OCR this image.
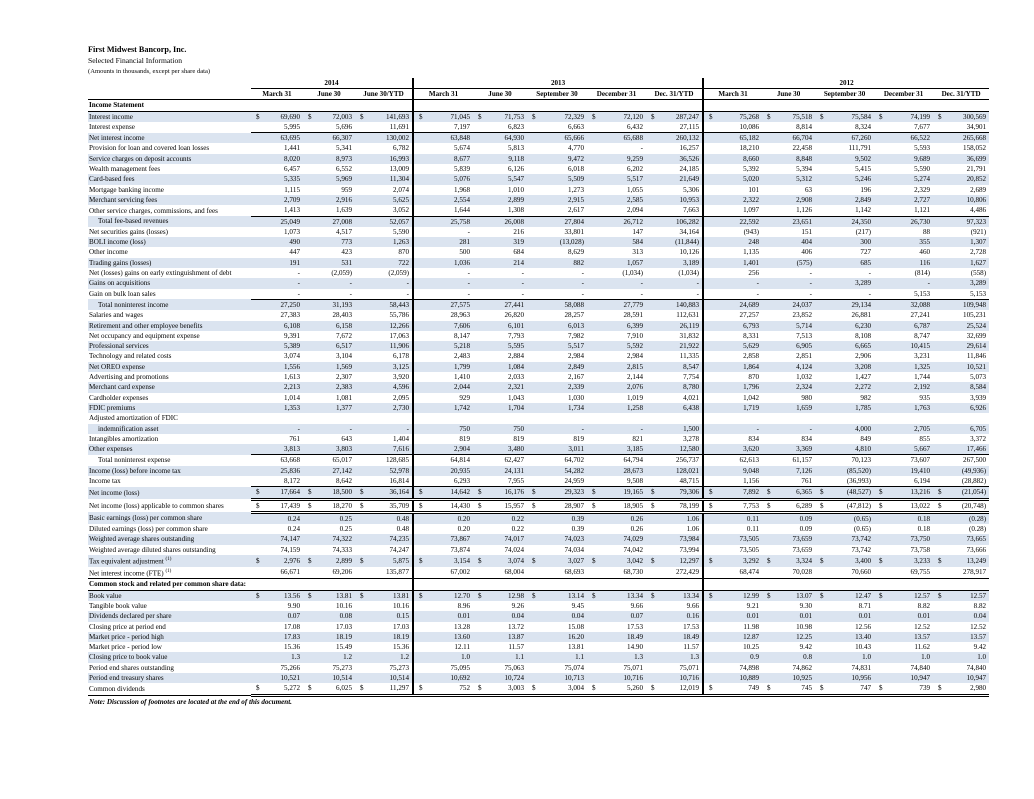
First Midwest Bancorp, Inc.
Selected Financial Information
(Amounts in thousands, except per share data)
	2014			2013					2012				
	March 31	June 30	June 30/YTD	March 31	June 30	September 30	December 31	Dec. 31/YTD	March 31	June 30	September 30	December 31	Dec. 31/YTD
Income Statement													
Interest income	$ 69,690	$ 72,003	$ 141,693	$ 71,045	$ 71,753	$ 72,329	$ 72,120	$ 287,247	$ 75,268	$ 75,518	$ 75,584	$ 74,199	$ 300,569
Interest expense	5,995	5,696	11,691	7,197	6,823	6,663	6,432	27,115	10,086	8,814	8,324	7,677	34,901
Net interest income	63,695	66,307	130,002	63,848	64,930	65,666	65,688	260,132	65,182	66,704	67,260	66,522	265,668
Provision for loan and covered loan losses	1,441	5,341	6,782	5,674	5,813	4,770	-	16,257	18,210	22,458	111,791	5,593	158,052
Service charges on deposit accounts	8,020	8,973	16,993	8,677	9,118	9,472	9,259	36,526	8,660	8,848	9,502	9,689	36,699
Wealth management fees	6,457	6,552	13,009	5,839	6,126	6,018	6,202	24,185	5,392	5,394	5,415	5,590	21,791
Card-based fees	5,335	5,969	11,304	5,076	5,547	5,509	5,517	21,649	5,020	5,312	5,246	5,274	20,852
Mortgage banking income	1,115	959	2,074	1,968	1,010	1,273	1,055	5,306	101	63	196	2,329	2,689
Merchant servicing fees	2,709	2,916	5,625	2,554	2,899	2,915	2,585	10,953	2,322	2,908	2,849	2,727	10,806
Other service charges, commissions, and fees	1,413	1,639	3,052	1,644	1,308	2,617	2,094	7,663	1,097	1,126	1,142	1,121	4,486
Total fee-based revenues	25,049	27,008	52,057	25,758	26,008	27,804	26,712	106,282	22,592	23,651	24,350	26,730	97,323
Net securities gains (losses)	1,073	4,517	5,590	-	216	33,801	147	34,164	(943)	151	(217)	88	(921)
BOLI income (loss)	490	773	1,263	281	319	(13,028)	584	(11,844)	248	404	300	355	1,307
Other income	447	423	870	500	684	8,629	313	10,126	1,135	406	727	460	2,728
Trading gains (losses)	191	531	722	1,036	214	882	1,057	3,189	1,401	(575)	685	116	1,627
Net (losses) gains on early extinguishment of debt	-	(2,059)	(2,059)	-	-	-	(1,034)	(1,034)	256	-	-	(814)	(558)
Gains on acquisitions	-	-	-	-	-	-	-	-	-	-	3,289	-	3,289
Gain on bulk loan sales	-	-	-	-	-	-	-	-	-	-	-	5,153	5,153
Total noninterest income	27,250	31,193	58,443	27,575	27,441	58,088	27,779	140,883	24,689	24,037	29,134	32,088	109,948
Salaries and wages	27,383	28,403	55,786	28,963	26,820	28,257	28,591	112,631	27,257	23,852	26,881	27,241	105,231
Retirement and other employee benefits	6,108	6,158	12,266	7,606	6,101	6,013	6,399	26,119	6,793	5,714	6,230	6,787	25,524
Net occupancy and equipment expense	9,391	7,672	17,063	8,147	7,793	7,982	7,910	31,832	8,331	7,513	8,108	8,747	32,699
Professional services	5,389	6,517	11,906	5,218	5,595	5,517	5,592	21,922	5,629	6,905	6,665	10,415	29,614
Technology and related costs	3,074	3,104	6,178	2,483	2,884	2,984	2,984	11,335	2,858	2,851	2,906	3,231	11,846
Net OREO expense	1,556	1,569	3,125	1,799	1,084	2,849	2,815	8,547	1,864	4,124	3,208	1,325	10,521
Advertising and promotions	1,613	2,307	3,920	1,410	2,033	2,167	2,144	7,754	870	1,032	1,427	1,744	5,073
Merchant card expense	2,213	2,383	4,596	2,044	2,321	2,339	2,076	8,780	1,796	2,324	2,272	2,192	8,584
Cardholder expenses	1,014	1,081	2,095	929	1,043	1,030	1,019	4,021	1,042	980	982	935	3,939
FDIC premiums	1,353	1,377	2,730	1,742	1,704	1,734	1,258	6,438	1,719	1,659	1,785	1,763	6,926
Adjusted amortization of FDIC													
indemnification asset	-	-	-	750	750	-	-	1,500	-	-	4,000	2,705	6,705
Intangibles amortization	761	643	1,404	819	819	819	821	3,278	834	834	849	855	3,372
Other expenses	3,813	3,803	7,616	2,904	3,480	3,011	3,185	12,580	3,620	3,369	4,810	5,667	17,466
Total noninterest expense	63,668	65,017	128,685	64,814	62,427	64,702	64,794	256,737	62,613	61,157	70,123	73,607	267,500
Income (loss) before income tax	25,836	27,142	52,978	20,935	24,131	54,282	28,673	128,021	9,048	7,126	(85,520)	19,410	(49,936)
Income tax	8,172	8,642	16,814	6,293	7,955	24,959	9,508	48,715	1,156	761	(36,993)	6,194	(28,882)
Net income (loss)	$ 17,664	$ 18,500	$ 36,164	$ 14,642	$ 16,176	$ 29,323	$ 19,165	$ 79,306	$ 7,892	$ 6,365	$ (48,527)	$ 13,216	$ (21,054)
Net income (loss) applicable to common shares	$ 17,439	$ 18,270	$ 35,709	$ 14,430	$ 15,957	$ 28,907	$ 18,905	$ 78,199	$ 7,753	$ 6,289	$ (47,812)	$ 13,022	$ (20,748)
Basic earnings (loss) per common share	0.24	0.25	0.48	0.20	0.22	0.39	0.26	1.06	0.11	0.09	(0.65)	0.18	(0.28)
Diluted earnings (loss) per common share	0.24	0.25	0.48	0.20	0.22	0.39	0.26	1.06	0.11	0.09	(0.65)	0.18	(0.28)
Weighted average shares outstanding	74,147	74,322	74,235	73,867	74,017	74,023	74,029	73,984	73,505	73,659	73,742	73,750	73,665
Weighted average diluted shares outstanding	74,159	74,333	74,247	73,874	74,024	74,034	74,042	73,994	73,505	73,659	73,742	73,758	73,666
Tax equivalent adjustment $^{(1)}$	$ 2,976	$ 2,899	$ 5,875	$ 3,154	$ 3,074	$ 3,027	$ 3,042	$ 12,297	$ 3,292	$ 3,324	$ 3,400	$ 3,233	$ 13,249
Net interest income (FTE) $^{(1)}$	66,671	69,206	135,877	67,002	68,004	68,693	68,730	272,429	68,474	70,028	70,660	69,755	278,917
Common stock and related per common share data:													
Book value	$ 13.56	$ 13.81	$ 13.81	$ 12.70	$ 12.98	$ 13.14	$ 13.34	$ 13.34	$ 12.99	$ 13.07	$ 12.47	$ 12.57	$ 12.57
Tangible book value	9.90	10.16	10.16	8.96	9.26	9.45	9.66	9.66	9.21	9.30	8.71	8.82	8.82
Dividends declared per share	0.07	0.08	0.15	0.01	0.04	0.04	0.07	0.16	0.01	0.01	0.01	0.01	0.04
Closing price at period end	17.08	17.03	17.03	13.28	13.72	15.08	17.53	17.53	11.98	10.98	12.56	12.52	12.52
Market price - period high	17.83	18.19	18.19	13.60	13.87	16.20	18.49	18.49	12.87	12.25	13.40	13.57	13.57
Market price - period low	15.36	15.49	15.36	12.11	11.57	13.81	14.90	11.57	10.25	9.42	10.43	11.62	9.42
Closing price to book value	1.3	1.2	1.2	1.0	1.1	1.1	1.3	1.3	0.9	0.8	1.0	1.0	1.0
Period end shares outstanding	75,266	75,273	75,273	75,095	75,063	75,074	75,071	75,071	74,898	74,862	74,831	74,840	74,840
Period end treasury shares	10,521	10,514	10,514	10,692	10,724	10,713	10,716	10,716	10,889	10,925	10,956	10,947	10,947
Common dividends	$ 5,272	$ 6,025	$ 11,297	$ 752	$ 3,003	$ 3,004	$ 5,260	$ 12,019	$ 749	$ 745	$ 747	$ 739	$ 2,980
Note: Discussion of footnotes are located at the end of this document.													
